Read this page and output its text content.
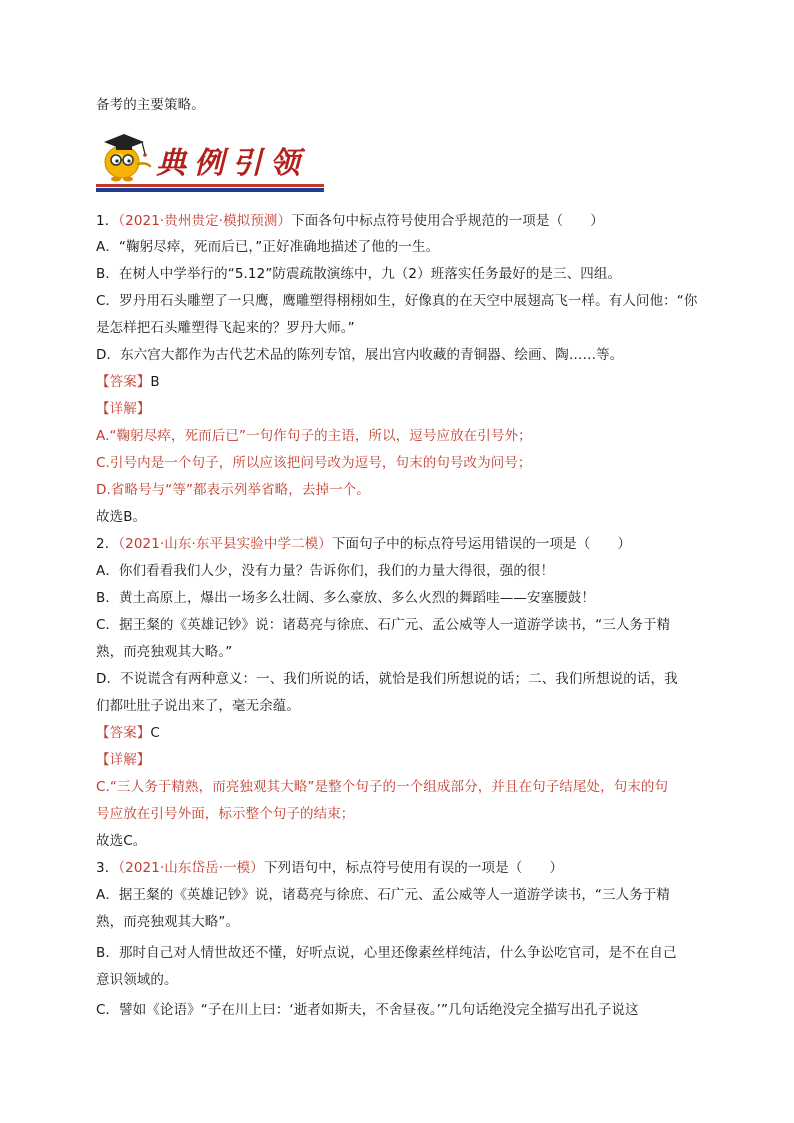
备考的主要策略。
典例引领
1．（2021·贵州贵定·模拟预测）下面各句中标点符号使用合乎规范的一项是（　　）
A．“鞠躬尽瘁，死而后已，”正好准确地描述了他的一生。
B．在树人中学举行的“5.12”防震疏散演练中，九（2）班落实任务最好的是三、四组。
C．罗丹用石头雕塑了一只鹰，鹰雕塑得栩栩如生，好像真的在天空中展翅高飞一样。有人问他：“你
是怎样把石头雕塑得飞起来的？罗丹大师。”
D．东六宫大都作为古代艺术品的陈列专馆，展出宫内收藏的青铜器、绘画、陶……等。
【答案】B
【详解】
A.“鞠躬尽瘁，死而后已”一句作句子的主语，所以，逗号应放在引号外；
C.引号内是一个句子，所以应该把问号改为逗号，句末的句号改为问号；
D.省略号与“等”都表示列举省略，去掉一个。
故选B。
2．（2021·山东·东平县实验中学二模）下面句子中的标点符号运用错误的一项是（　　）
A．你们看看我们人少，没有力量？告诉你们，我们的力量大得很，强的很！
B．黄土高原上，爆出一场多么壮阔、多么豪放、多么火烈的舞蹈哇——安塞腰鼓！
C．据王粲的《英雄记钞》说：诸葛亮与徐庶、石广元、孟公威等人一道游学读书，“三人务于精
熟，而亮独观其大略。”
D．不说谎含有两种意义：一、我们所说的话，就恰是我们所想说的话；二、我们所想说的话，我
们都吐肚子说出来了，毫无余蕴。
【答案】C
【详解】
C.“三人务于精熟，而亮独观其大略”是整个句子的一个组成部分，并且在句子结尾处，句末的句
号应放在引号外面，标示整个句子的结束；
故选C。
3．（2021·山东岱岳·一模）下列语句中，标点符号使用有误的一项是（　　）
A．据王粲的《英雄记钞》说，诸葛亮与徐庶、石广元、孟公威等人一道游学读书，“三人务于精
熟，而亮独观其大略”。
B．那时自己对人情世故还不懂，好听点说，心里还像素丝样纯洁，什么争讼吃官司，是不在自己
意识领域的。
C．譬如《论语》“子在川上曰：‘逝者如斯夫，不舍昼夜。’”几句话绝没完全描写出孔子说这
